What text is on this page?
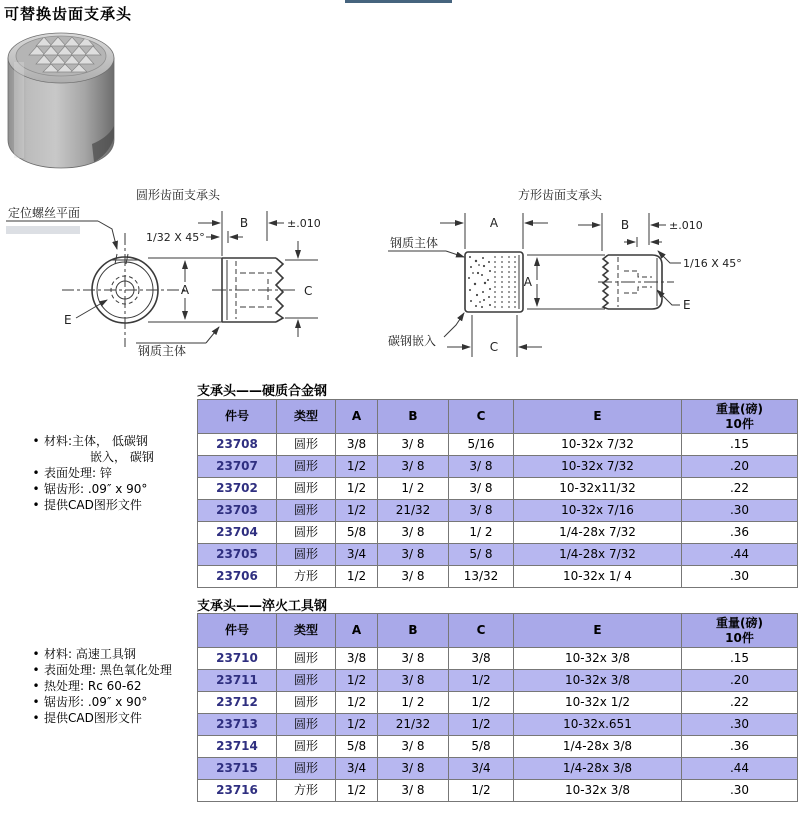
可替换齿面支承头
圆形齿面支承头
定位螺丝平面
E
钢质主体
A
B	±.010
1/32 X 45°
C
方形齿面支承头
钢质主体
碳钢嵌入
A
C
A
B	±.010
1/16 X 45°
E
• 材料:主体， 低碳钢
嵌入， 碳钢
• 表面处理: 锌
• 锯齿形: .09″ x 90°
• 提供CAD图形文件
• 材料: 高速工具钢
• 表面处理: 黑色氧化处理
• 热处理: Rc 60-62
• 锯齿形: .09″ x 90°
• 提供CAD图形文件
支承头——硬质合金钢
件号	类型	A	B	C	E	重量(磅)
10件

23708	圆形	3/8	3/ 8	5/16	10-32x 7/32	.15
23707	圆形	1/2	3/ 8	3/ 8	10-32x 7/32	.20
23702	圆形	1/2	1/ 2	3/ 8	10-32x11/32	.22
23703	圆形	1/2	21/32	3/ 8	10-32x 7/16	.30
23704	圆形	5/8	3/ 8	1/ 2	1/4-28x 7/32	.36
23705	圆形	3/4	3/ 8	5/ 8	1/4-28x 7/32	.44
23706	方形	1/2	3/ 8	13/32	10-32x 1/ 4	.30
支承头——淬火工具钢
件号	类型	A	B	C	E	重量(磅)
10件

23710	圆形	3/8	3/ 8	3/8	10-32x 3/8	.15
23711	圆形	1/2	3/ 8	1/2	10-32x 3/8	.20
23712	圆形	1/2	1/ 2	1/2	10-32x 1/2	.22
23713	圆形	1/2	21/32	1/2	10-32x.651	.30
23714	圆形	5/8	3/ 8	5/8	1/4-28x 3/8	.36
23715	圆形	3/4	3/ 8	3/4	1/4-28x 3/8	.44
23716	方形	1/2	3/ 8	1/2	10-32x 3/8	.30
